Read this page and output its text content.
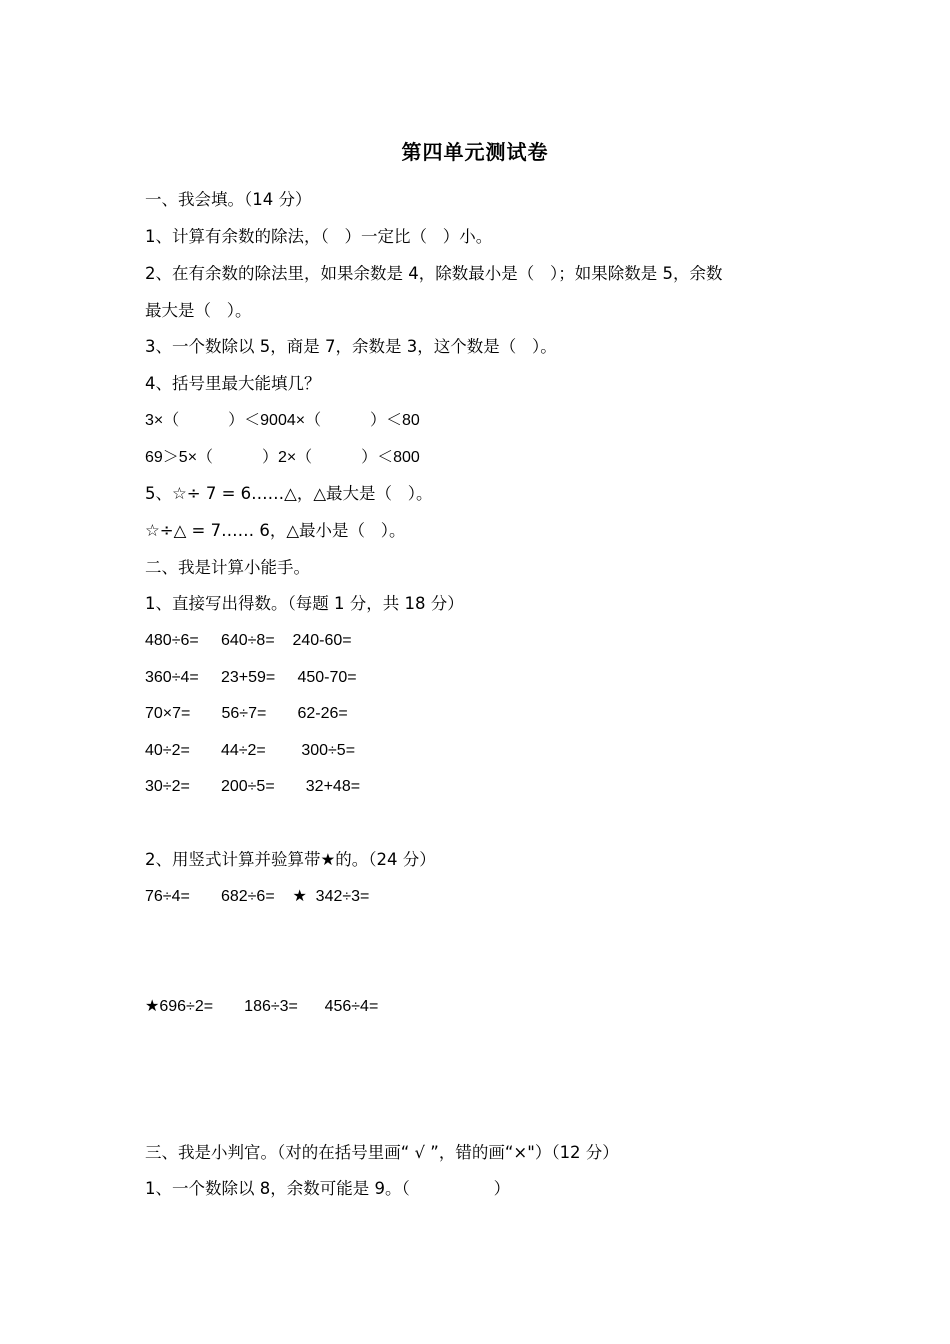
第四单元测试卷
一、我会填。（14 分）
1、计算有余数的除法，（   ）一定比（   ）小。
2、在有余数的除法里，如果余数是 4，除数最小是（   ）；如果除数是 5，余数
最大是（   ）。
3、一个数除以 5，商是 7，余数是 3，这个数是（   ）。
4、括号里最大能填几？
3×（           ）＜9004×（           ）＜80
69＞5×（           ）2×（           ）＜800
5、☆÷ 7 = 6……△，△最大是（   ）。
☆÷△ = 7…… 6，△最小是（   ）。
二、我是计算小能手。
1、直接写出得数。（每题 1 分，共 18 分）
480÷6=     640÷8=    240-60=
360÷4=     23+59=     450-70=
70×7=       56÷7=       62-26=
40÷2=       44÷2=        300÷5=
30÷2=       200÷5=       32+48=
2、用竖式计算并验算带★的。（24 分）
76÷4=       682÷6=    ★  342÷3=
★696÷2=       186÷3=      456÷4=
三、我是小判官。（对的在括号里画“ √ ”，错的画“×"）（12 分）
1、一个数除以 8，余数可能是 9。（                ）
